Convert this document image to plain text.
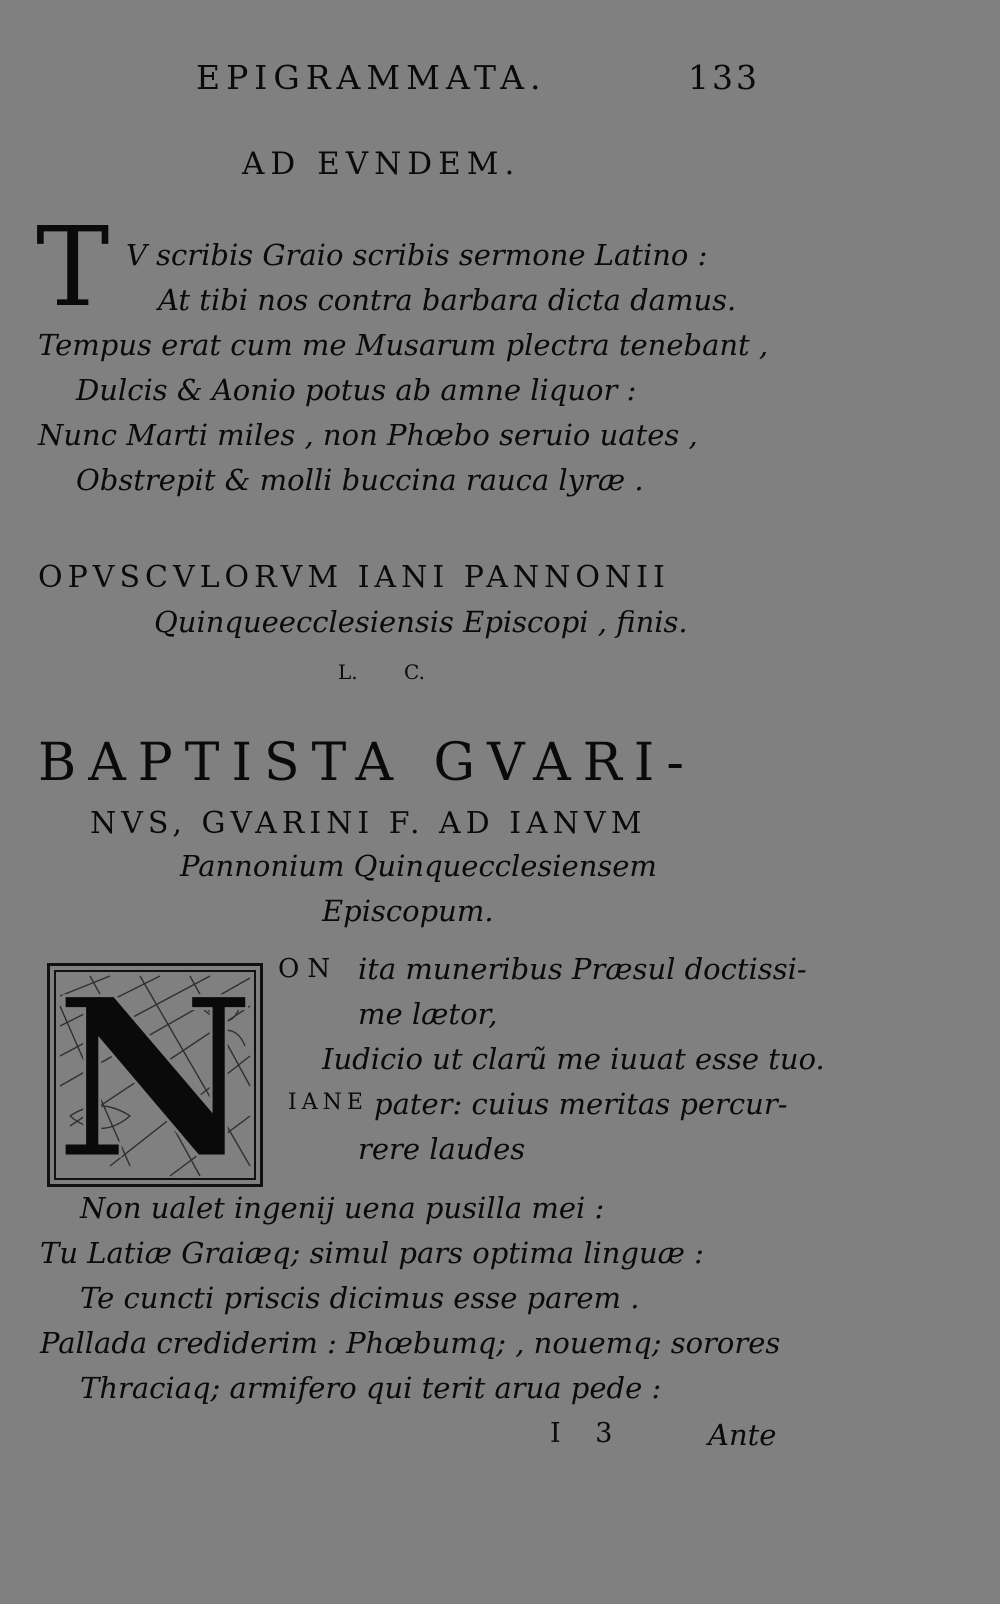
EPIGRAMMATA.	133
AD EVNDEM.
T V scribis Graio scribis sermone Latino :
At tibi nos contra barbara dicta damus.
Tempus erat cum me Musarum plectra tenebant ,
Dulcis & Aonio potus ab amne liquor :
Nunc Marti miles , non Phœbo seruio uates ,
Obstrepit & molli buccina rauca lyræ .
OPVSCVLORVM IANI PANNONII
Quinqueecclesiensis Episcopi , finis.
L. C.
BAPTISTA GVARI-
NVS, GVARINI F. AD IANVM
Pannonium Quinquecclesiensem
Episcopum.
N ON ita muneribus Præsul doctissi-
me lætor,
Iudicio ut clarũ me iuuat esse tuo.
IANE pater: cuius meritas percur-
rere laudes
Non ualet ingenij uena pusilla mei :
Tu Latiæ Graiæq; simul pars optima linguæ :
Te cuncti priscis dicimus esse parem .
Pallada crediderim : Phœbumq; , nouemq; sorores
Thraciaq; armifero qui terit arua pede :
I 3	Ante
